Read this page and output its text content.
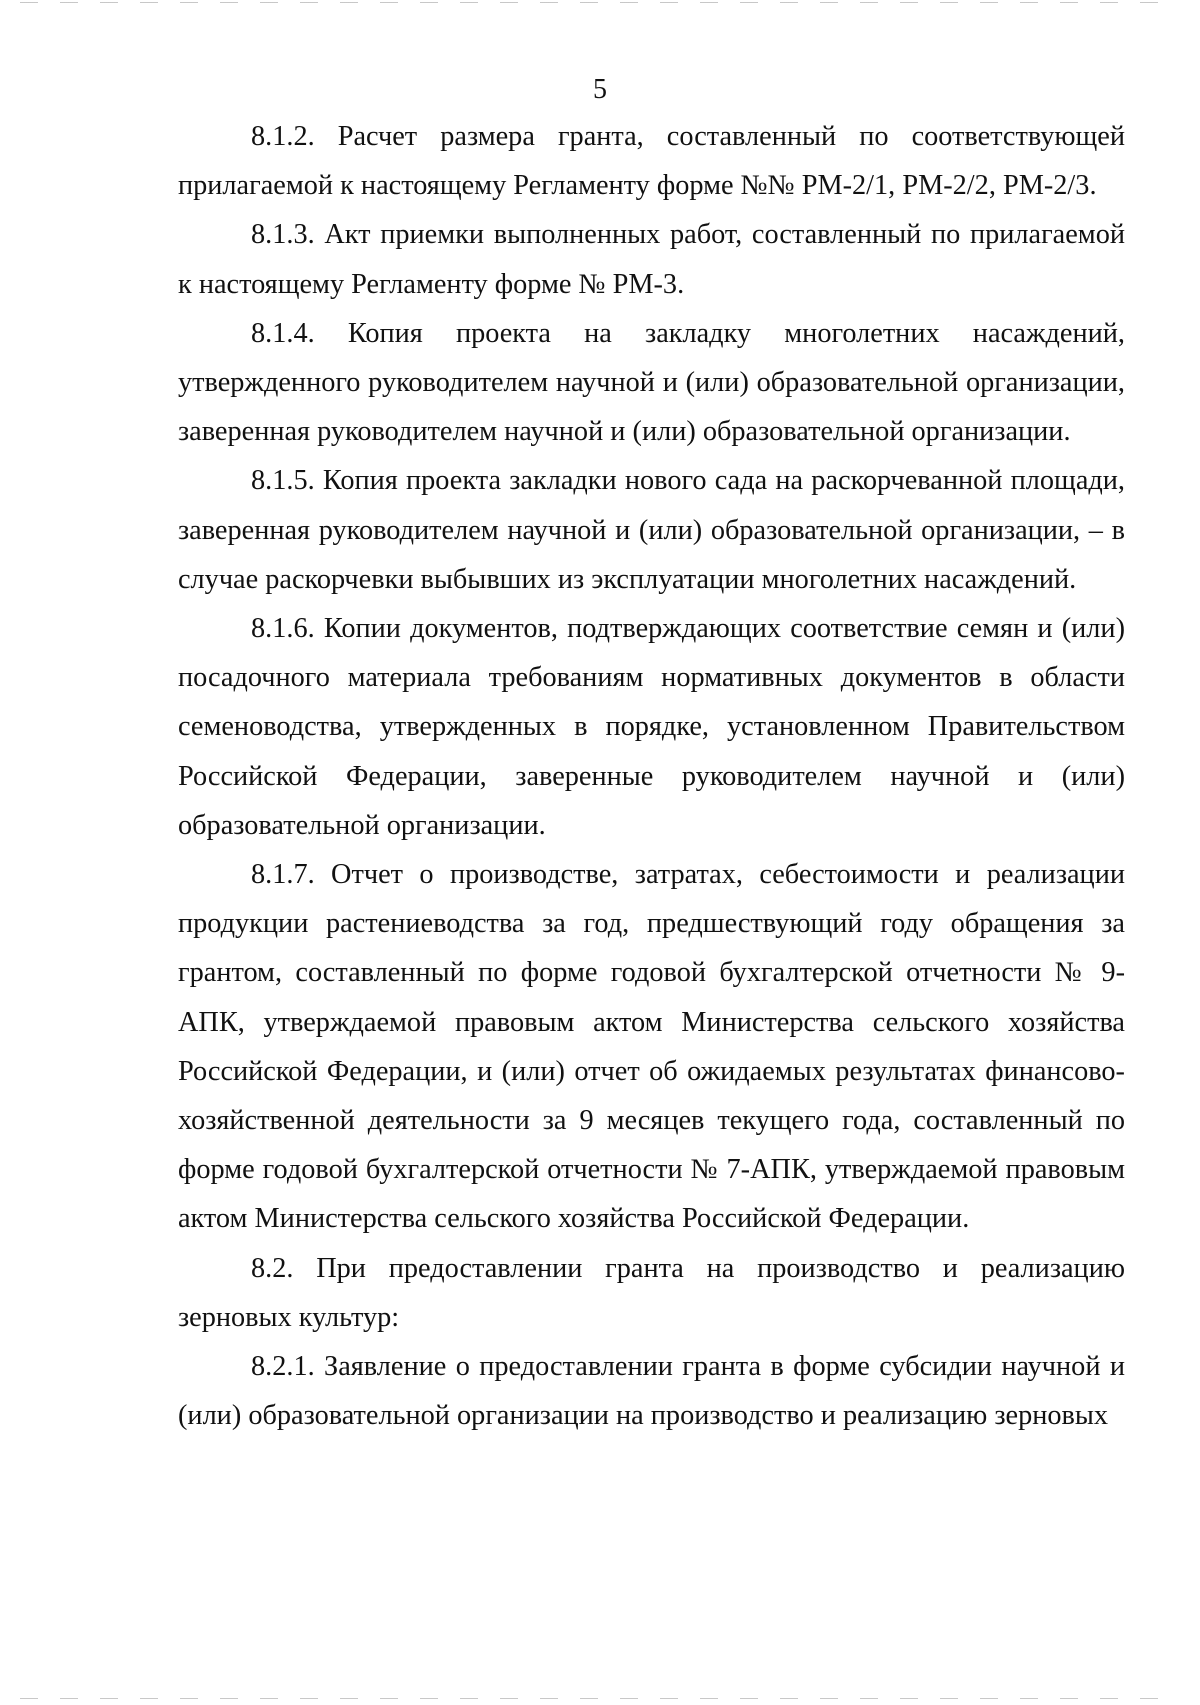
5

8.1.2. Расчет размера гранта, составленный по соответствующей прилагаемой к настоящему Регламенту форме №№ РМ-2/1, РМ-2/2, РМ-2/3.

8.1.3. Акт приемки выполненных работ, составленный по прилагаемой к настоящему Регламенту форме № РМ-3.

8.1.4. Копия проекта на закладку многолетних насаждений, утвержденного руководителем научной и (или) образовательной организации, заверенная руководителем научной и (или) образовательной организации.

8.1.5. Копия проекта закладки нового сада на раскорчеванной площади, заверенная руководителем научной и (или) образовательной организации, – в случае раскорчевки выбывших из эксплуатации многолетних насаждений.

8.1.6. Копии документов, подтверждающих соответствие семян и (или) посадочного материала требованиям нормативных документов в области семеноводства, утвержденных в порядке, установленном Правительством Российской Федерации, заверенные руководителем научной и (или) образовательной организации.

8.1.7. Отчет о производстве, затратах, себестоимости и реализации продукции растениеводства за год, предшествующий году обращения за грантом, составленный по форме годовой бухгалтерской отчетности № 9-АПК, утверждаемой правовым актом Министерства сельского хозяйства Российской Федерации, и (или) отчет об ожидаемых результатах финансово-хозяйственной деятельности за 9 месяцев текущего года, составленный по форме годовой бухгалтерской отчетности № 7-АПК, утверждаемой правовым актом Министерства сельского хозяйства Российской Федерации.

8.2. При предоставлении гранта на производство и реализацию зерновых культур:

8.2.1. Заявление о предоставлении гранта в форме субсидии научной и (или) образовательной организации на производство и реализацию зерновых
